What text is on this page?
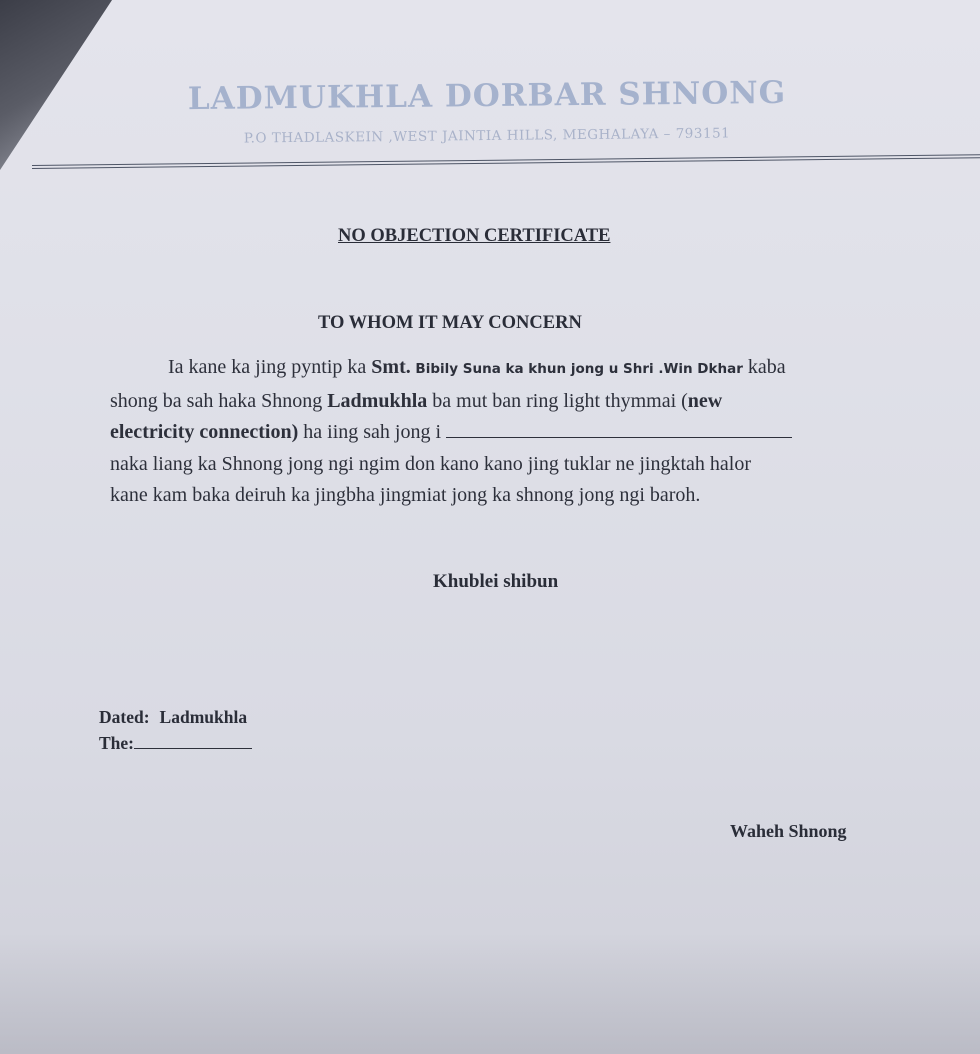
LADMUKHLA DORBAR SHNONG
P.O THADLASKEIN ,WEST JAINTIA HILLS, MEGHALAYA – 793151
NO OBJECTION CERTIFICATE
TO WHOM IT MAY CONCERN
Ia kane ka jing pyntip ka Smt. Bibily Suna ka khun jong u Shri .Win Dkhar kaba
shong ba sah haka Shnong Ladmukhla ba mut ban ring light thymmai (new
electricity connection) ha iing sah jong i
naka liang ka Shnong jong ngi ngim don kano kano jing tuklar ne jingktah halor
kane kam baka deiruh ka jingbha jingmiat jong ka shnong jong ngi baroh.
Khublei shibun
Dated: Ladmukhla
The:
Waheh Shnong
